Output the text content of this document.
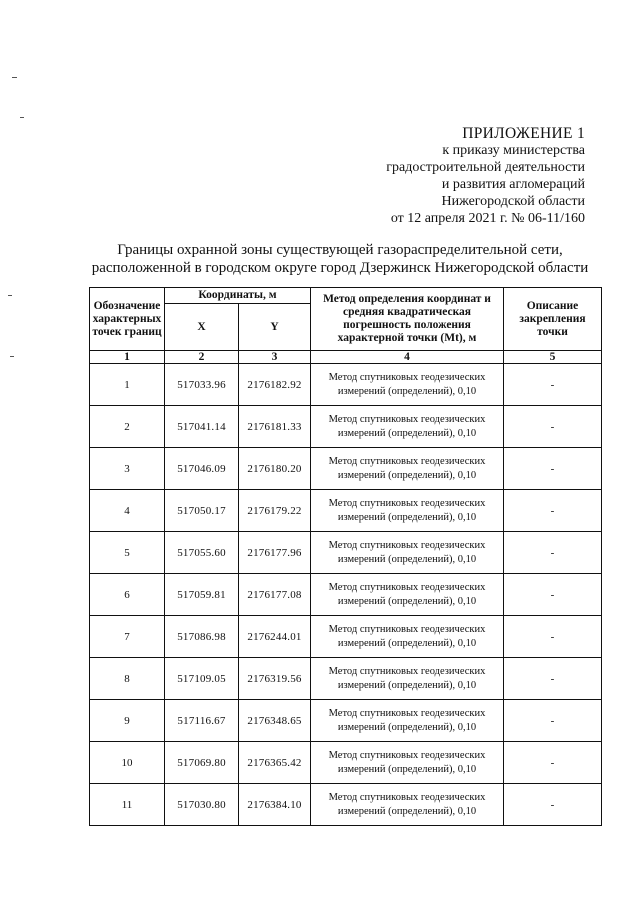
ПРИЛОЖЕНИЕ 1
к приказу министерства
градостроительной деятельности
и развития агломераций
Нижегородской области
от 12 апреля 2021 г. № 06-11/160
Границы охранной зоны существующей газораспределительной сети,
расположенной в городском округе город Дзержинск Нижегородской области
Обозначение характерных точек границ	Координаты, м		Метод определения координат и средняя квадратическая погрешность положения характерной точки (Mt), м	Описание закрепления точки
	X	Y		
1	2	3	4	5
1	517033.96	2176182.92	Метод спутниковых геодезических измерений (определений), 0,10	-
2	517041.14	2176181.33	Метод спутниковых геодезических измерений (определений), 0,10	-
3	517046.09	2176180.20	Метод спутниковых геодезических измерений (определений), 0,10	-
4	517050.17	2176179.22	Метод спутниковых геодезических измерений (определений), 0,10	-
5	517055.60	2176177.96	Метод спутниковых геодезических измерений (определений), 0,10	-
6	517059.81	2176177.08	Метод спутниковых геодезических измерений (определений), 0,10	-
7	517086.98	2176244.01	Метод спутниковых геодезических измерений (определений), 0,10	-
8	517109.05	2176319.56	Метод спутниковых геодезических измерений (определений), 0,10	-
9	517116.67	2176348.65	Метод спутниковых геодезических измерений (определений), 0,10	-
10	517069.80	2176365.42	Метод спутниковых геодезических измерений (определений), 0,10	-
11	517030.80	2176384.10	Метод спутниковых геодезических измерений (определений), 0,10	-
